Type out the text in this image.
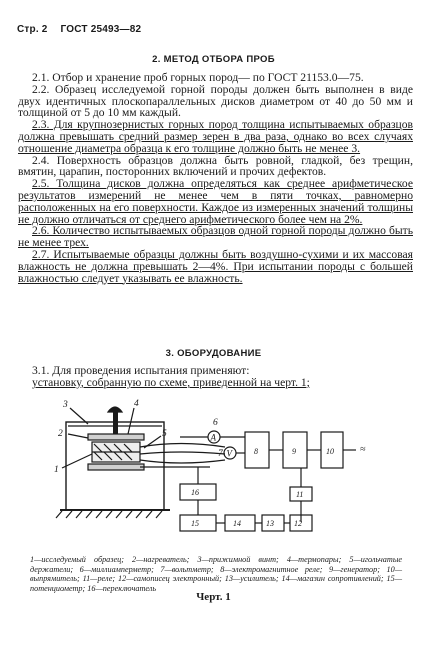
Стр. 2 ГОСТ 25493—82
2. МЕТОД ОТБОРА ПРОБ

2.1. Отбор и хранение проб горных пород— по ГОСТ 21153.0—75.

2.2. Образец исследуемой горной породы должен быть выполнен в виде двух идентичных плоскопараллельных дисков диаметром от 40 до 50 мм и толщиной от 5 до 10 мм каждый.

2.3. Для крупнозернистых горных пород толщина испытываемых образцов должна превышать средний размер зерен в два раза, однако во всех случаях отношение диаметра образца к его толщине должно быть не менее 3.

2.4. Поверхность образцов должна быть ровной, гладкой, без трещин, вмятин, царапин, посторонних включений и прочих дефектов.

2.5. Толщина дисков должна определяться как среднее арифметическое результатов измерений не менее чем в пяти точках, равномерно расположенных на его поверхности. Каждое из измеренных значений толщины не должно отличаться от среднего арифметического более чем на 2%.

2.6. Количество испытываемых образцов одной горной породы должно быть не менее трех.

2.7. Испытываемые образцы должны быть воздушно-сухими и их массовая влажность не должна превышать 2—4%. При испытании породы с большей влажностью следует указывать ее влажность.

3. ОБОРУДОВАНИЕ

3.1. Для проведения испытания применяют:

установку, собранную по схеме, приведенной на черт. 1;

A
V	≈
3
2
1
4
5
6
7	8	9	10
11
16
15	14	13	12
1—исследуемый образец; 2—нагреватель; 3—прижимной винт; 4—термопары; 5—игольчатые держатели; 6—миллиамперметр; 7—вольтметр; 8—электромагнитное реле; 9—генератор; 10—выпрямитель; 11—реле; 12—самописец электронный; 13—усилитель; 14—магазин сопротивлений; 15—потенциометр; 16—переключатель
Черт. 1
